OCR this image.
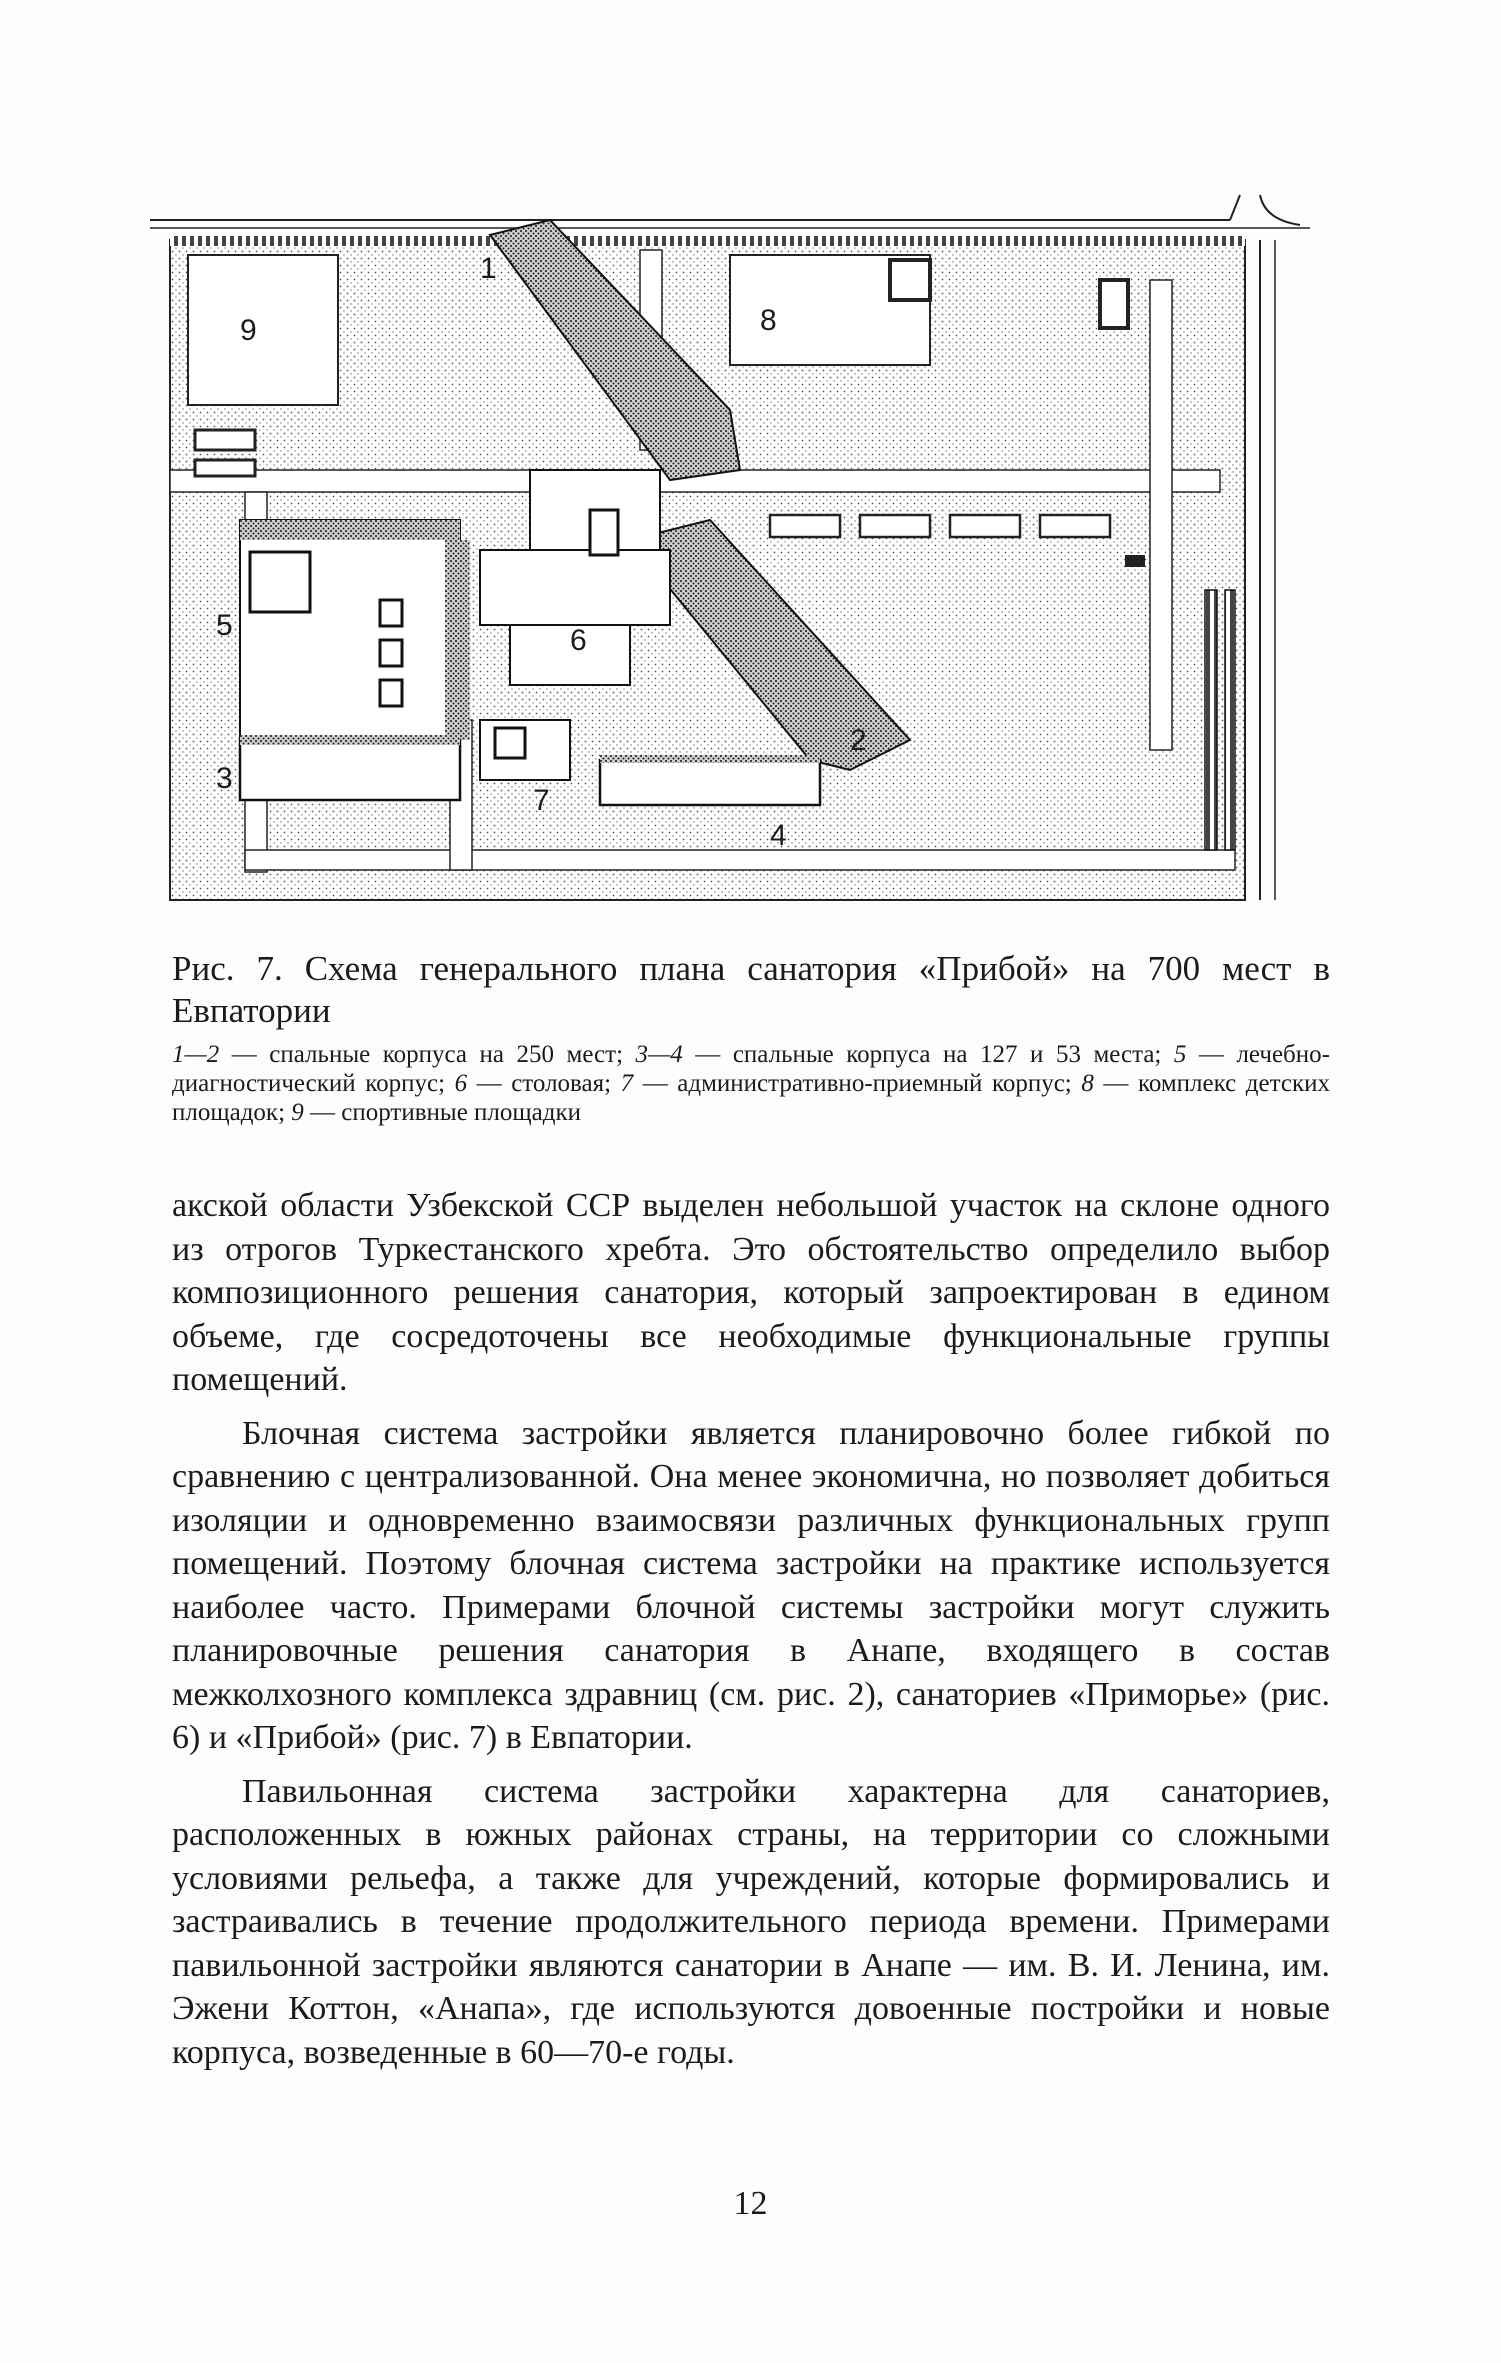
9	8
1
6
5
3
7
4
2

Рис. 7. Схема генерального плана санатория «Прибой» на 700 мест в Евпатории

1—2 — спальные корпуса на 250 мест; 3—4 — спальные корпуса на 127 и 53 места; 5 — лечебно-диагностический корпус; 6 — столовая; 7 — административно-приемный корпус; 8 — комплекс детских площадок; 9 — спортивные площадки

акской области Узбекской ССР выделен небольшой участок на склоне одного из отрогов Туркестанского хребта. Это обстоятельство определило выбор композиционного решения санатория, который запроектирован в едином объеме, где сосредоточены все необходимые функциональные группы помещений.

Блочная система застройки является планировочно более гибкой по сравнению с централизованной. Она менее экономична, но позволяет добиться изоляции и одновременно взаимосвязи различных функциональных групп помещений. Поэтому блочная система застройки на практике используется наиболее часто. Примерами блочной системы застройки могут служить планировочные решения санатория в Анапе, входящего в состав межколхозного комплекса здравниц (см. рис. 2), санаториев «Приморье» (рис. 6) и «Прибой» (рис. 7) в Евпатории.

Павильонная система застройки характерна для санаториев, расположенных в южных районах страны, на территории со сложными условиями рельефа, а также для учреждений, которые формировались и застраивались в течение продолжительного периода времени. Примерами павильонной застройки являются санатории в Анапе — им. В. И. Ленина, им. Эжени Коттон, «Анапа», где используются довоенные постройки и новые корпуса, возведенные в 60—70-е годы.

12
